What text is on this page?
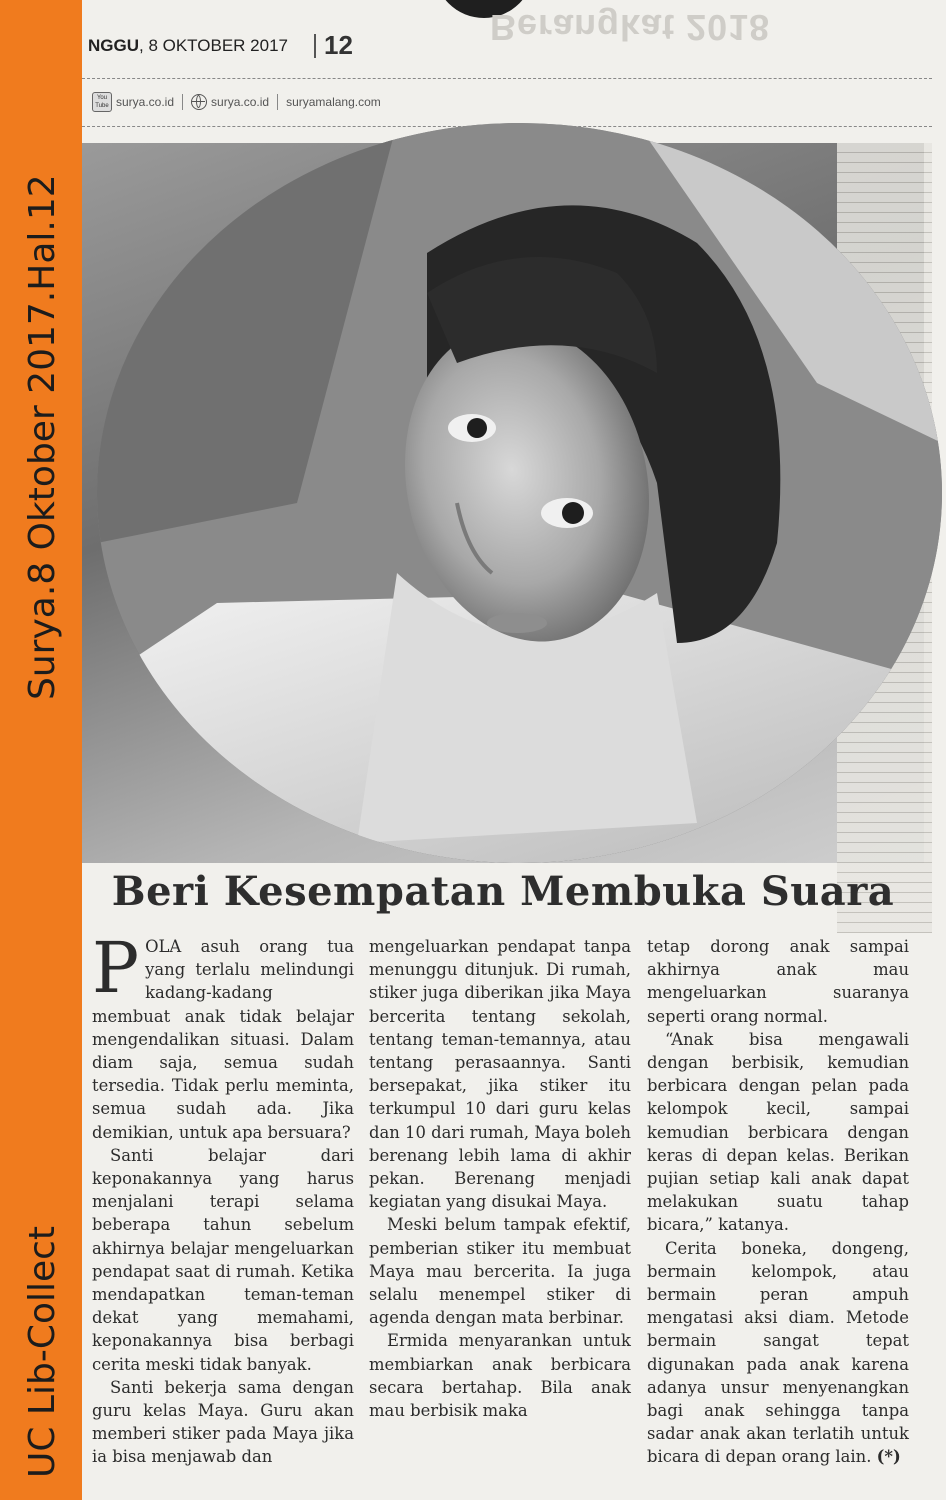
Surya.8 Oktober 2017.Hal.12
UC Lib-Collect
Berangkat 2018
NGGU, 8 OKTOBER 2017 12
You
Tube surya.co.id	surya.co.id suryamalang.com
Beri Kesempatan Membuka Suara

POLA asuh orang tua yang terlalu melindungi kadang-kadang membuat anak tidak belajar mengendalikan situasi. Dalam diam saja, semua sudah tersedia. Tidak perlu meminta, semua sudah ada. Jika demikian, untuk apa bersuara?

Santi belajar dari keponakannya yang harus menjalani terapi selama beberapa tahun sebelum akhirnya belajar mengeluarkan pendapat saat di rumah. Ketika mendapatkan teman-teman dekat yang memahami, keponakannya bisa berbagi cerita meski tidak banyak.

Santi bekerja sama dengan guru kelas Maya. Guru akan memberi stiker pada Maya jika ia bisa menjawab dan

mengeluarkan pendapat tanpa menunggu ditunjuk. Di rumah, stiker juga diberikan jika Maya bercerita tentang sekolah, tentang teman-temannya, atau tentang perasaannya. Santi bersepakat, jika stiker itu terkumpul 10 dari guru kelas dan 10 dari rumah, Maya boleh berenang lebih lama di akhir pekan. Berenang menjadi kegiatan yang disukai Maya.

Meski belum tampak efektif, pemberian stiker itu membuat Maya mau bercerita. Ia juga selalu menempel stiker di agenda dengan mata berbinar.

Ermida menyarankan untuk membiarkan anak berbicara secara bertahap. Bila anak mau berbisik maka

tetap dorong anak sampai akhirnya anak mau mengeluarkan suaranya seperti orang normal.

“Anak bisa mengawali dengan berbisik, kemudian berbicara dengan pelan pada kelompok kecil, sampai kemudian berbicara dengan keras di depan kelas. Berikan pujian setiap kali anak dapat melakukan suatu tahap bicara,” katanya.

Cerita boneka, dongeng, bermain kelompok, atau bermain peran ampuh mengatasi aksi diam. Metode bermain sangat tepat digunakan pada anak karena adanya unsur menyenangkan bagi anak sehingga tanpa sadar anak akan terlatih untuk bicara di depan orang lain. (*)
